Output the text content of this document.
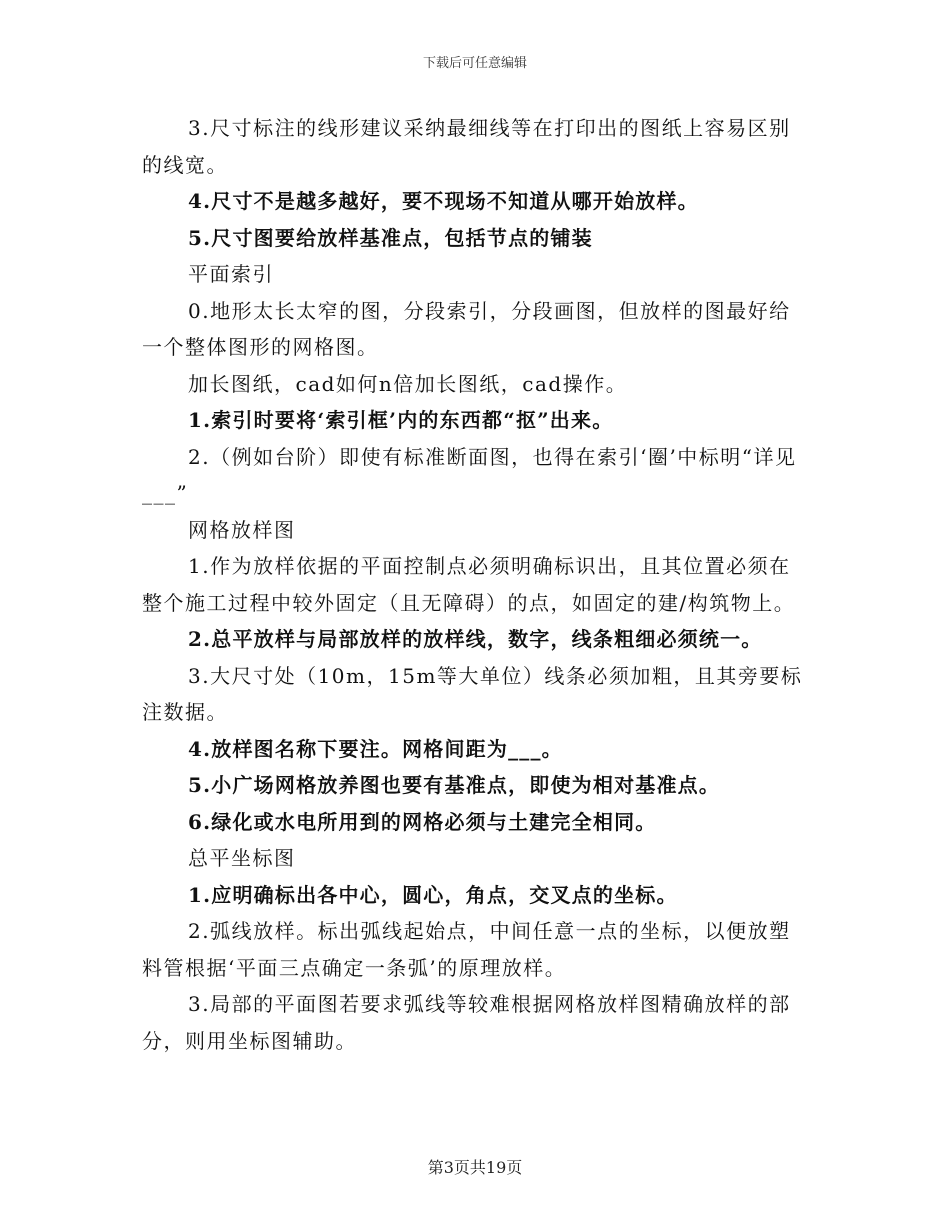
下载后可任意编辑

3.尺寸标注的线形建议采纳最细线等在打印出的图纸上容易区别的线宽。

4.尺寸不是越多越好，要不现场不知道从哪开始放样。

5.尺寸图要给放样基准点，包括节点的铺装

平面索引

0.地形太长太窄的图，分段索引，分段画图，但放样的图最好给一个整体图形的网格图。

加长图纸，cad如何n倍加长图纸，cad操作。

1.索引时要将‘索引框’内的东西都“抠”出来。

2.（例如台阶）即使有标准断面图，也得在索引‘圈’中标明“详见___”

网格放样图

1.作为放样依据的平面控制点必须明确标识出，且其位置必须在整个施工过程中较外固定（且无障碍）的点，如固定的建/构筑物上。

2.总平放样与局部放样的放样线，数字，线条粗细必须统一。

3.大尺寸处（10m，15m等大单位）线条必须加粗，且其旁要标注数据。

4.放样图名称下要注。网格间距为___。

5.小广场网格放养图也要有基准点，即使为相对基准点。

6.绿化或水电所用到的网格必须与土建完全相同。

总平坐标图

1.应明确标出各中心，圆心，角点，交叉点的坐标。

2.弧线放样。标出弧线起始点，中间任意一点的坐标，以便放塑料管根据‘平面三点确定一条弧’的原理放样。

3.局部的平面图若要求弧线等较难根据网格放样图精确放样的部分，则用坐标图辅助。

第3页共19页
